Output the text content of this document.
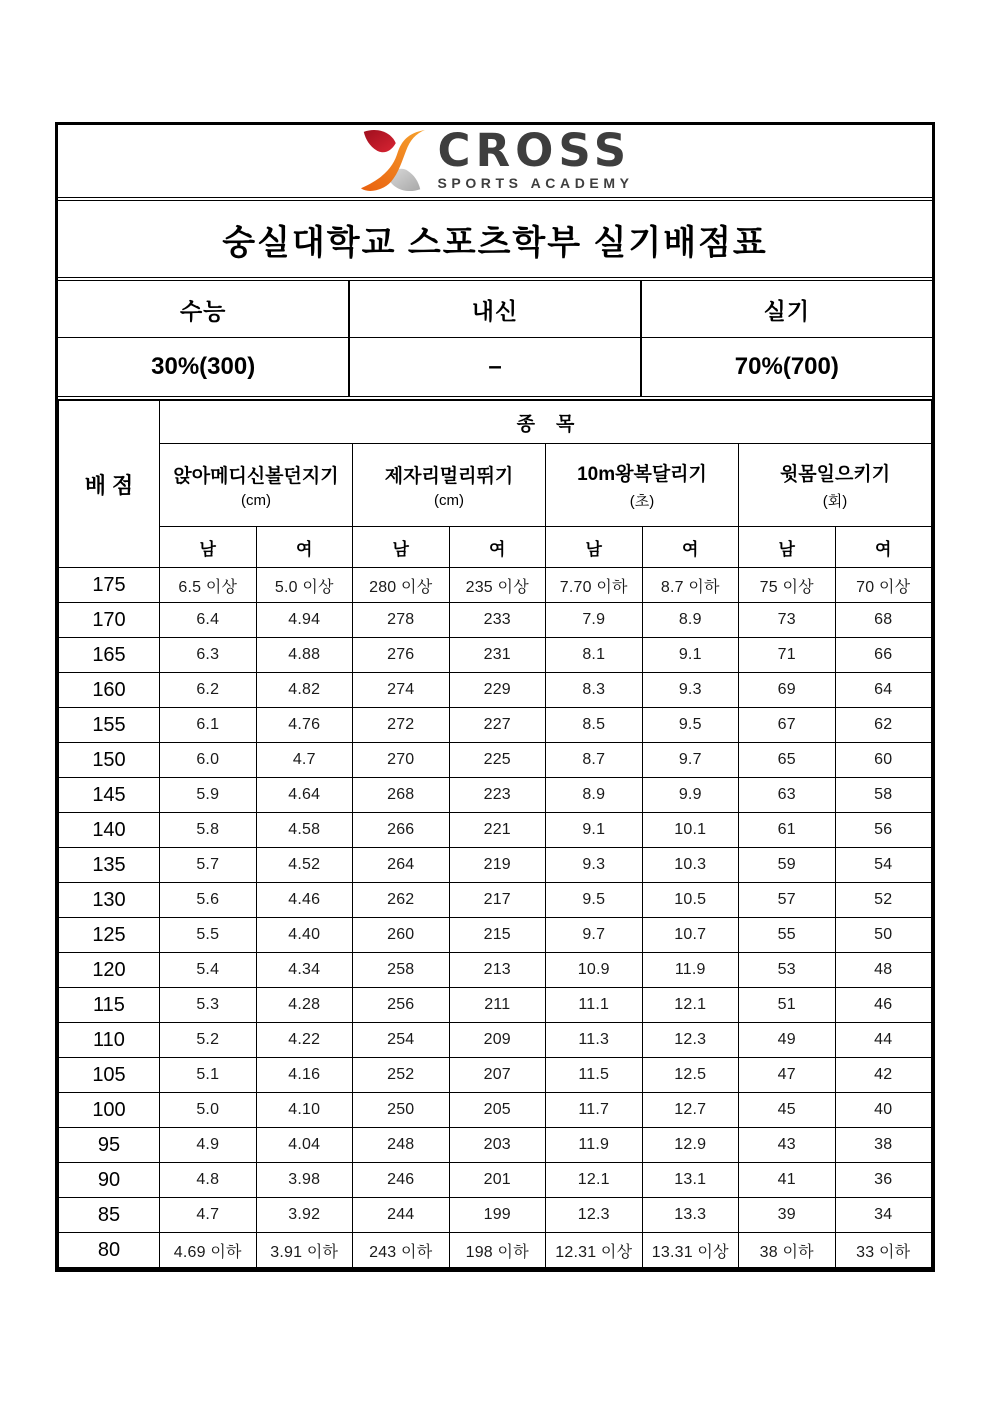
CROSS
SPORTS ACADEMY
숭실대학교 스포츠학부 실기배점표
수능	내신	실기
30%(300)	–	70%(700)
배 점	종    목							

앉아메디신볼던지기
(cm)

제자리멀리뛰기
(cm)

10m왕복달리기
(초)

윗몸일으키기
(회)

	남	여	남	여	남	여	남	여
175	6.5 이상	5.0 이상	280 이상	235 이상	7.70 이하	8.7 이하	75 이상	70 이상
170	6.4	4.94	278	233	7.9	8.9	73	68
165	6.3	4.88	276	231	8.1	9.1	71	66
160	6.2	4.82	274	229	8.3	9.3	69	64
155	6.1	4.76	272	227	8.5	9.5	67	62
150	6.0	4.7	270	225	8.7	9.7	65	60
145	5.9	4.64	268	223	8.9	9.9	63	58
140	5.8	4.58	266	221	9.1	10.1	61	56
135	5.7	4.52	264	219	9.3	10.3	59	54
130	5.6	4.46	262	217	9.5	10.5	57	52
125	5.5	4.40	260	215	9.7	10.7	55	50
120	5.4	4.34	258	213	10.9	11.9	53	48
115	5.3	4.28	256	211	11.1	12.1	51	46
110	5.2	4.22	254	209	11.3	12.3	49	44
105	5.1	4.16	252	207	11.5	12.5	47	42
100	5.0	4.10	250	205	11.7	12.7	45	40
95	4.9	4.04	248	203	11.9	12.9	43	38
90	4.8	3.98	246	201	12.1	13.1	41	36
85	4.7	3.92	244	199	12.3	13.3	39	34
80	4.69 이하	3.91 이하	243 이하	198 이하	12.31 이상	13.31 이상	38 이하	33 이하
